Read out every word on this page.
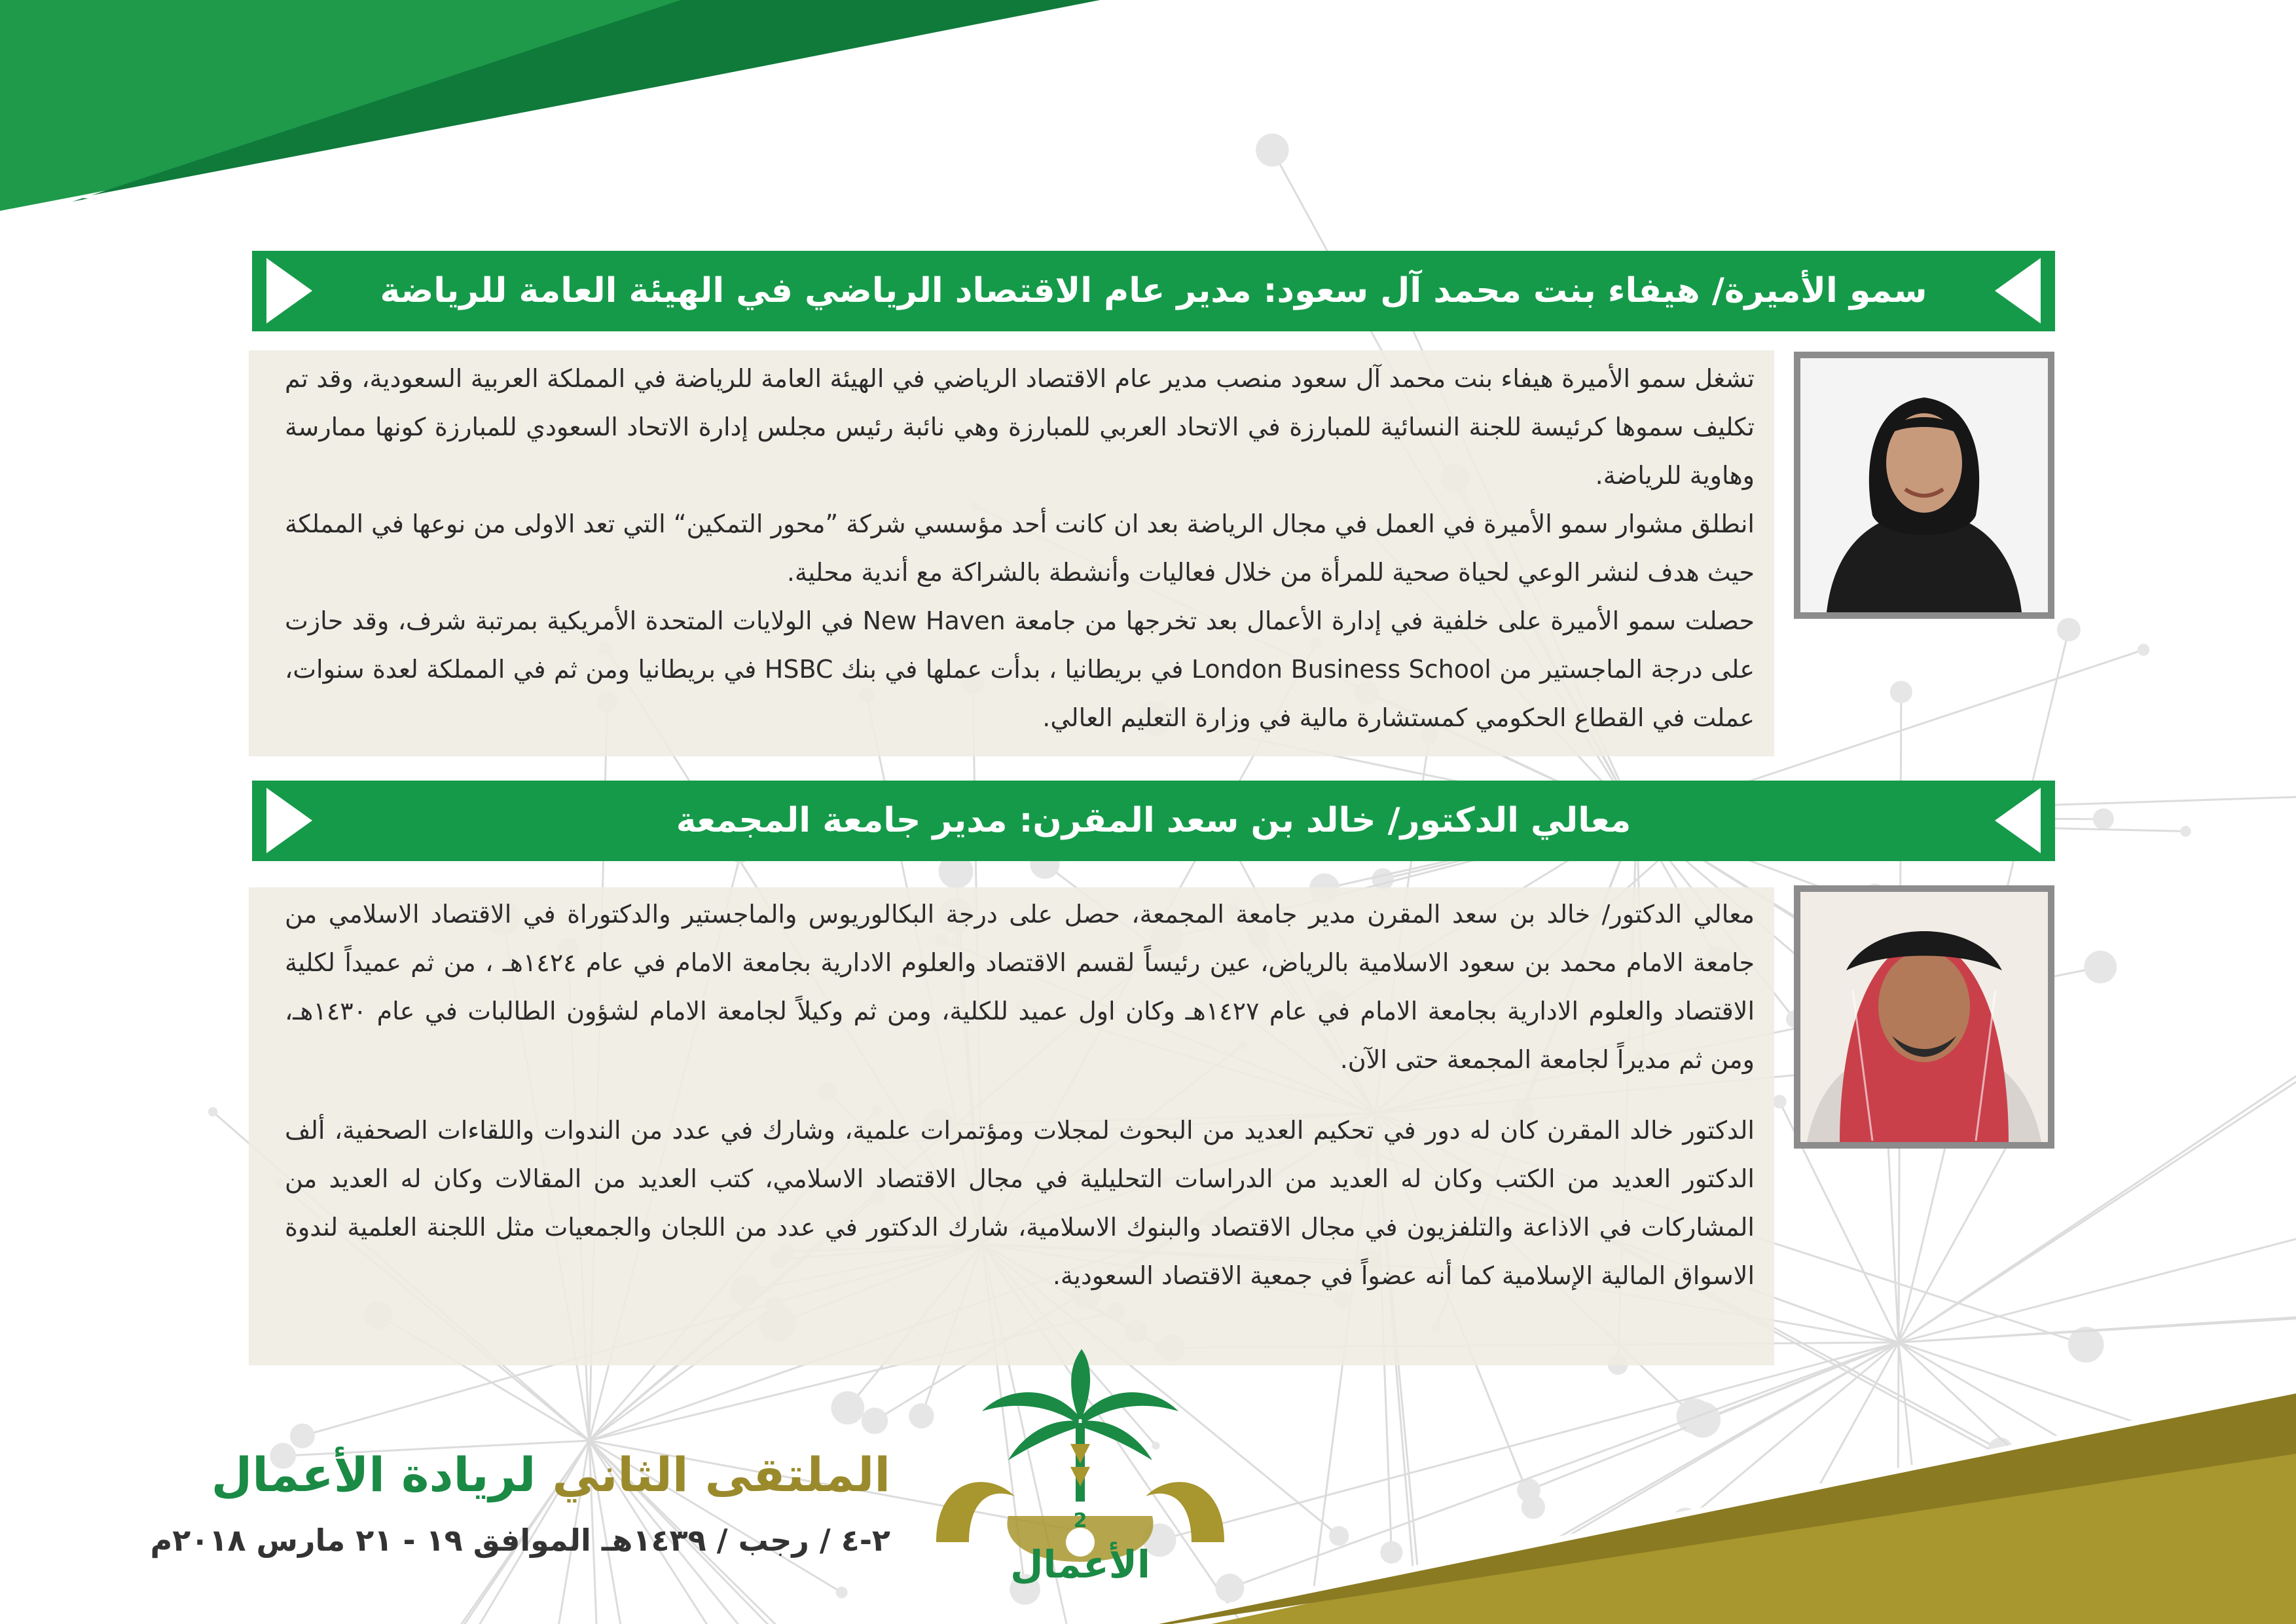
سمو الأميرة/ هيفاء بنت محمد آل سعود: مدير عام الاقتصاد الرياضي في الهيئة العامة للرياضة

تشغل سمو الأميرة هيفاء بنت محمد آل سعود منصب مدير عام الاقتصاد الرياضي في الهيئة العامة للرياضة في المملكة العربية السعودية، وقد تم تكليف سموها كرئيسة للجنة النسائية للمبارزة في الاتحاد العربي للمبارزة وهي نائبة رئيس مجلس إدارة الاتحاد السعودي للمبارزة كونها ممارسة وهاوية للرياضة.

انطلق مشوار سمو الأميرة في العمل في مجال الرياضة بعد ان كانت أحد مؤسسي شركة ”محور التمكين“ التي تعد الاولى من نوعها في المملكة حيث هدف لنشر الوعي لحياة صحية للمرأة من خلال فعاليات وأنشطة بالشراكة مع أندية محلية.

حصلت سمو الأميرة على خلفية في إدارة الأعمال بعد تخرجها من جامعة New Haven في الولايات المتحدة الأمريكية بمرتبة شرف، وقد حازت على درجة الماجستير من London Business School في بريطانيا ، بدأت عملها في بنك HSBC في بريطانيا ومن ثم في المملكة لعدة سنوات، عملت في القطاع الحكومي كمستشارة مالية في وزارة التعليم العالي.

معالي الدكتور/ خالد بن سعد المقرن: مدير جامعة المجمعة

معالي الدكتور/ خالد بن سعد المقرن مدير جامعة المجمعة، حصل على درجة البكالوريوس والماجستير والدكتوراة في الاقتصاد الاسلامي من جامعة الامام محمد بن سعود الاسلامية بالرياض، عين رئيساً لقسم الاقتصاد والعلوم الادارية بجامعة الامام في عام ١٤٢٤هـ ، من ثم عميداً لكلية الاقتصاد والعلوم الادارية بجامعة الامام في عام ١٤٢٧هـ وكان اول عميد للكلية، ومن ثم وكيلاً لجامعة الامام لشؤون الطالبات في عام ١٤٣٠هـ، ومن ثم مديراً لجامعة المجمعة حتى الآن.

الدكتور خالد المقرن كان له دور في تحكيم العديد من البحوث لمجلات ومؤتمرات علمية، وشارك في عدد من الندوات واللقاءات الصحفية، ألف الدكتور العديد من الكتب وكان له العديد من الدراسات التحليلية في مجال الاقتصاد الاسلامي، كتب العديد من المقالات وكان له العديد من المشاركات في الاذاعة والتلفزيون في مجال الاقتصاد والبنوك الاسلامية، شارك الدكتور في عدد من اللجان والجمعيات مثل اللجنة العلمية لندوة الاسواق المالية الإسلامية كما أنه عضواً في جمعية الاقتصاد السعودية.

2
الأعمال
الملتقى الثاني لريادة الأعمال
٢-٤ / رجب / ١٤٣٩هـ الموافق ١٩ - ٢١ مارس ٢٠١٨م
